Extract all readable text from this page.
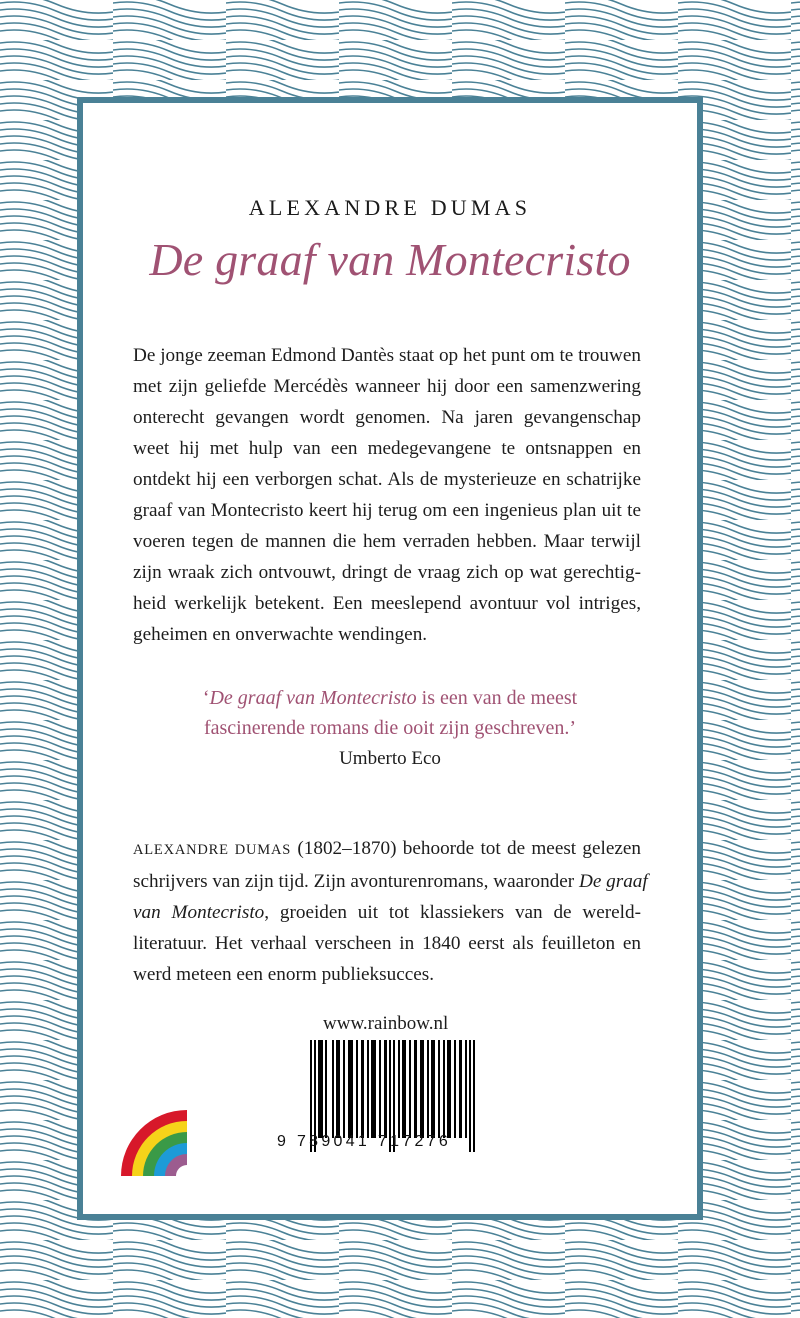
ALEXANDRE DUMAS
De graaf van Montecristo
De jonge zeeman Edmond Dantès staat op het punt om te trouwen
met zijn geliefde Mercédès wanneer hij door een samenzwering
onterecht gevangen wordt genomen. Na jaren gevangenschap
weet hij met hulp van een medegevangene te ontsnappen en
ontdekt hij een verborgen schat. Als de mysterieuze en schatrijke
graaf van Montecristo keert hij terug om een ingenieus plan uit te
voeren tegen de mannen die hem verraden hebben. Maar terwijl
zijn wraak zich ontvouwt, dringt de vraag zich op wat gerechtig-
heid werkelijk betekent. Een meeslepend avontuur vol intriges,
geheimen en onverwachte wendingen.
‘De graaf van Montecristo is een van de meest
fascinerende romans die ooit zijn geschreven.’
Umberto Eco
ALEXANDRE DUMAS (1802–1870) behoorde tot de meest gelezen
schrijvers van zijn tijd. Zijn avonturenromans, waaronder De graaf
van Montecristo, groeiden uit tot klassiekers van de wereld-
literatuur. Het verhaal verscheen in 1840 eerst als feuilleton en
werd meteen een enorm publieksucces.
www.rainbow.nl
9 789041 717276
